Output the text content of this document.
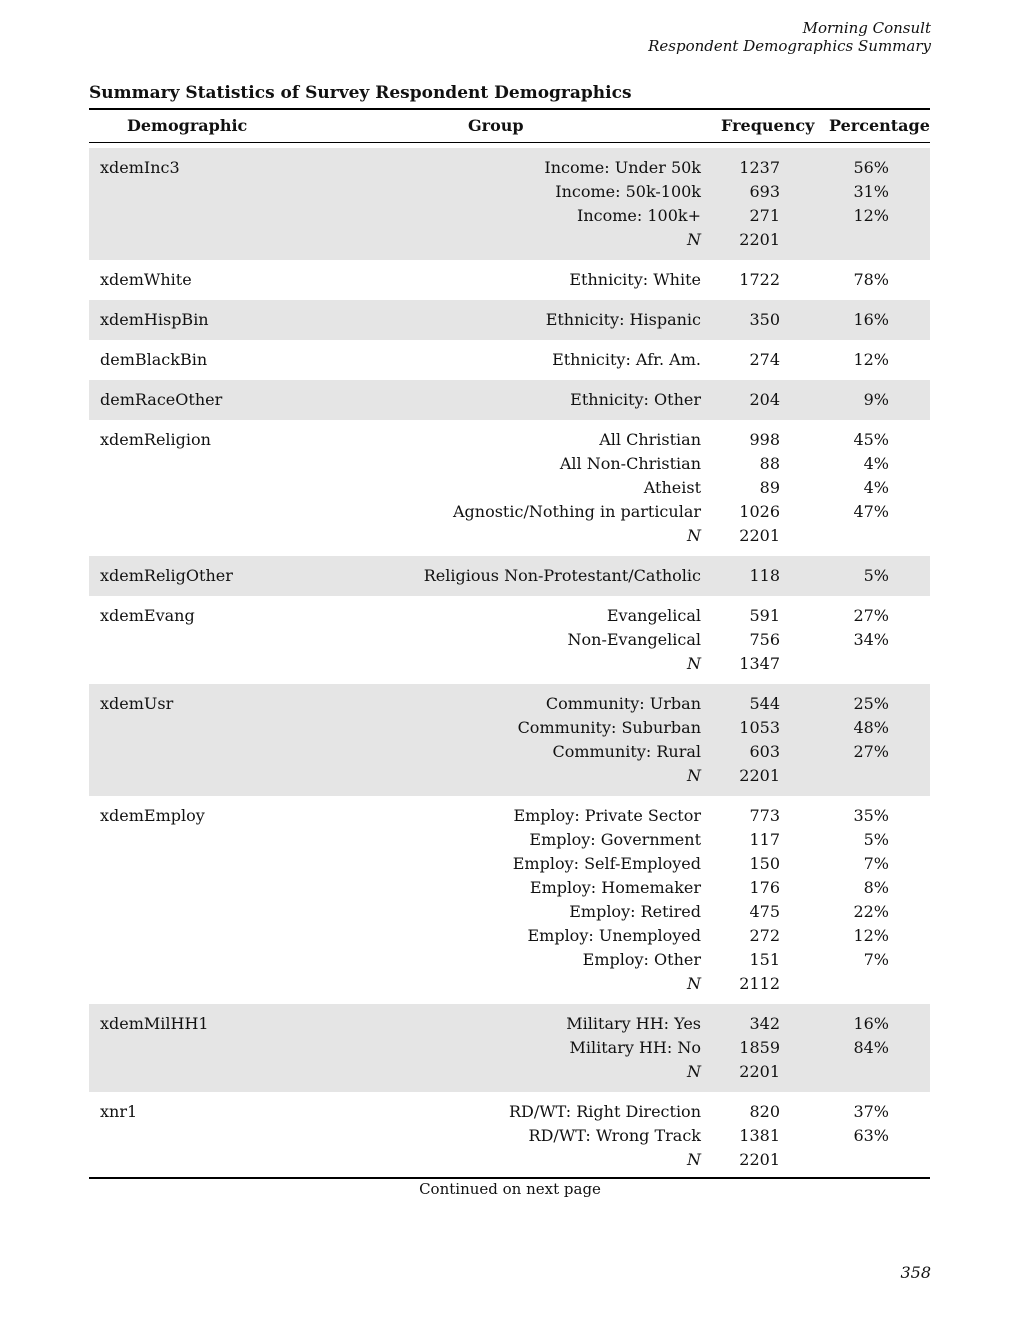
Morning Consult
Respondent Demographics Summary
Summary Statistics of Survey Respondent Demographics
Demographic	Group	Frequency Percentage
xdemInc3	Income: Under 50k 1237	56%
Income: 50k-100k	693	31%
Income: 100k+	271	12%
N 2201
xdemWhite	Ethnicity: White 1722	78%
xdemHispBin	Ethnicity: Hispanic	350	16%
demBlackBin	Ethnicity: Afr. Am.	274	12%
demRaceOther	Ethnicity: Other	204	9%
xdemReligion	All Christian	998	45%
All Non-Christian	88	4%
Atheist	89	4%
Agnostic/Nothing in particular 1026	47%
N 2201
xdemReligOther	Religious Non-Protestant/Catholic	118	5%
xdemEvang	Evangelical	591	27%
Non-Evangelical	756	34%
N 1347
xdemUsr	Community: Urban	544	25%
Community: Suburban 1053	48%
Community: Rural	603	27%
N 2201
xdemEmploy	Employ: Private Sector	773	35%
Employ: Government	117	5%
Employ: Self-Employed	150	7%
Employ: Homemaker	176	8%
Employ: Retired	475	22%
Employ: Unemployed	272	12%
Employ: Other	151	7%
N 2112
xdemMilHH1	Military HH: Yes	342	16%
Military HH: No 1859	84%
N 2201
xnr1	RD/WT: Right Direction	820	37%
RD/WT: Wrong Track 1381	63%
N 2201
Continued on next page
358
